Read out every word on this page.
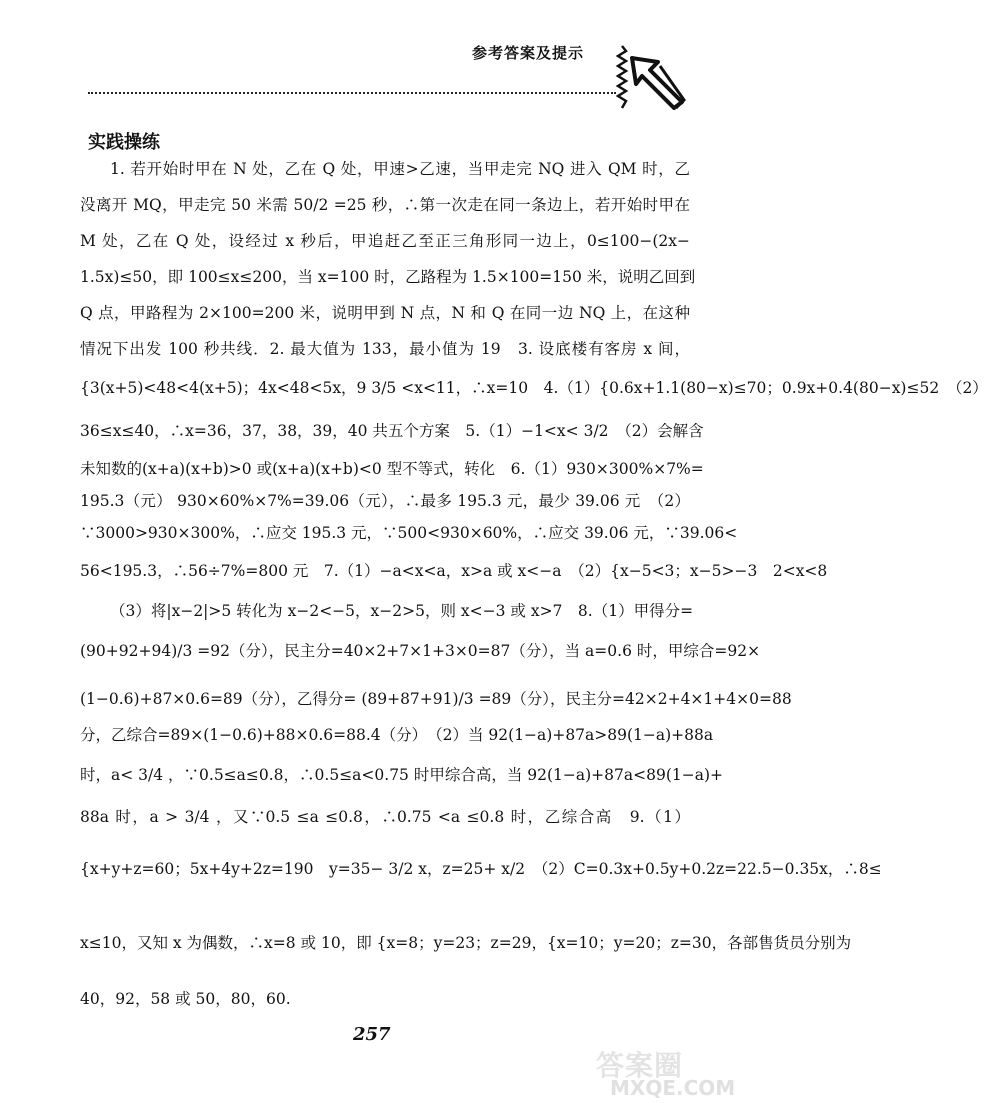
参考答案及提示
实践操练
1. 若开始时甲在 N 处，乙在 Q 处，甲速>乙速，当甲走完 NQ 进入 QM 时，乙
没离开 MQ，甲走完 50 米需 50/2 =25 秒，∴第一次走在同一条边上，若开始时甲在
M 处，乙在 Q 处，设经过 x 秒后，甲追赶乙至正三角形同一边上，0≤100−(2x−
1.5x)≤50，即 100≤x≤200，当 x=100 时，乙路程为 1.5×100=150 米，说明乙回到
Q 点，甲路程为 2×100=200 米，说明甲到 N 点，N 和 Q 在同一边 NQ 上，在这种
情况下出发 100 秒共线．2. 最大值为 133，最小值为 19　3. 设底楼有客房 x 间，
{3(x+5)<48<4(x+5)；4x<48<5x，9 3/5 <x<11，∴x=10　4.（1）{0.6x+1.1(80−x)≤70；0.9x+0.4(80−x)≤52　（2）
36≤x≤40，∴x=36，37，38，39，40 共五个方案　5.（1）−1<x< 3/2　（2）会解含
未知数的(x+a)(x+b)>0 或(x+a)(x+b)<0 型不等式，转化　6.（1）930×300%×7%=
195.3（元） 930×60%×7%=39.06（元），∴最多 195.3 元，最少 39.06 元　（2）
∵3000>930×300%，∴应交 195.3 元，∵500<930×60%，∴应交 39.06 元，∵39.06<
56<195.3，∴56÷7%=800 元　7.（1）−a<x<a，x>a 或 x<−a　（2）{x−5<3；x−5>−3　2<x<8
（3）将|x−2|>5 转化为 x−2<−5，x−2>5，则 x<−3 或 x>7　8.（1）甲得分=
(90+92+94)/3 =92（分），民主分=40×2+7×1+3×0=87（分），当 a=0.6 时，甲综合=92×
(1−0.6)+87×0.6=89（分），乙得分= (89+87+91)/3 =89（分），民主分=42×2+4×1+4×0=88
分，乙综合=89×(1−0.6)+88×0.6=88.4（分）　（2）当 92(1−a)+87a>89(1−a)+88a
时，a< 3/4 ，∵0.5≤a≤0.8，∴0.5≤a<0.75 时甲综合高，当 92(1−a)+87a<89(1−a)+
88a 时，a > 3/4 ，又∵0.5 ≤a ≤0.8，∴0.75 <a ≤0.8 时，乙综合高　9.（1）
{x+y+z=60；5x+4y+2z=190　y=35− 3/2 x，z=25+ x/2　（2）C=0.3x+0.5y+0.2z=22.5−0.35x，∴8≤
x≤10，又知 x 为偶数，∴x=8 或 10，即 {x=8；y=23；z=29，{x=10；y=20；z=30，各部售货员分别为
40，92，58 或 50，80，60.
257
答案圈
MXQE.COM
